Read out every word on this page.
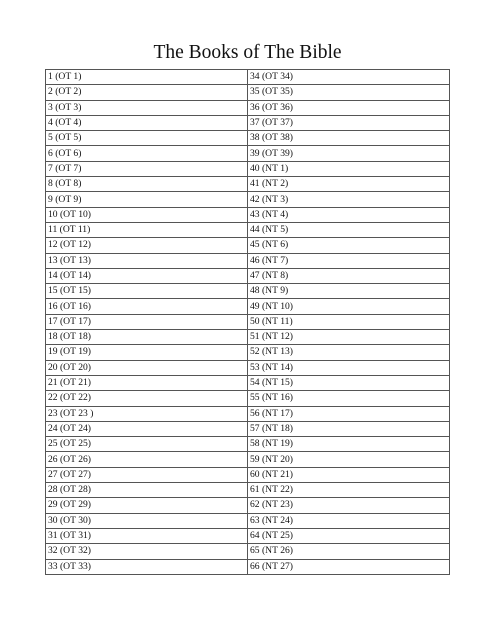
The Books of The Bible
1 (OT 1)	34 (OT 34)
2 (OT 2)	35 (OT 35)
3 (OT 3)	36 (OT 36)
4 (OT 4)	37 (OT 37)
5 (OT 5)	38 (OT 38)
6 (OT 6)	39 (OT 39)
7 (OT 7)	40 (NT 1)
8 (OT 8)	41 (NT 2)
9 (OT 9)	42 (NT 3)
10 (OT 10)	43 (NT 4)
11 (OT 11)	44 (NT 5)
12 (OT 12)	45 (NT 6)
13 (OT 13)	46 (NT 7)
14 (OT 14)	47 (NT 8)
15 (OT 15)	48 (NT 9)
16 (OT 16)	49 (NT 10)
17 (OT 17)	50 (NT 11)
18 (OT 18)	51 (NT 12)
19 (OT 19)	52 (NT 13)
20 (OT 20)	53 (NT 14)
21 (OT 21)	54 (NT 15)
22 (OT 22)	55 (NT 16)
23 (OT 23 )	56 (NT 17)
24 (OT 24)	57 (NT 18)
25 (OT 25)	58 (NT 19)
26 (OT 26)	59 (NT 20)
27 (OT 27)	60 (NT 21)
28 (OT 28)	61 (NT 22)
29 (OT 29)	62 (NT 23)
30 (OT 30)	63 (NT 24)
31 (OT 31)	64 (NT 25)
32 (OT 32)	65 (NT 26)
33 (OT 33)	66 (NT 27)
